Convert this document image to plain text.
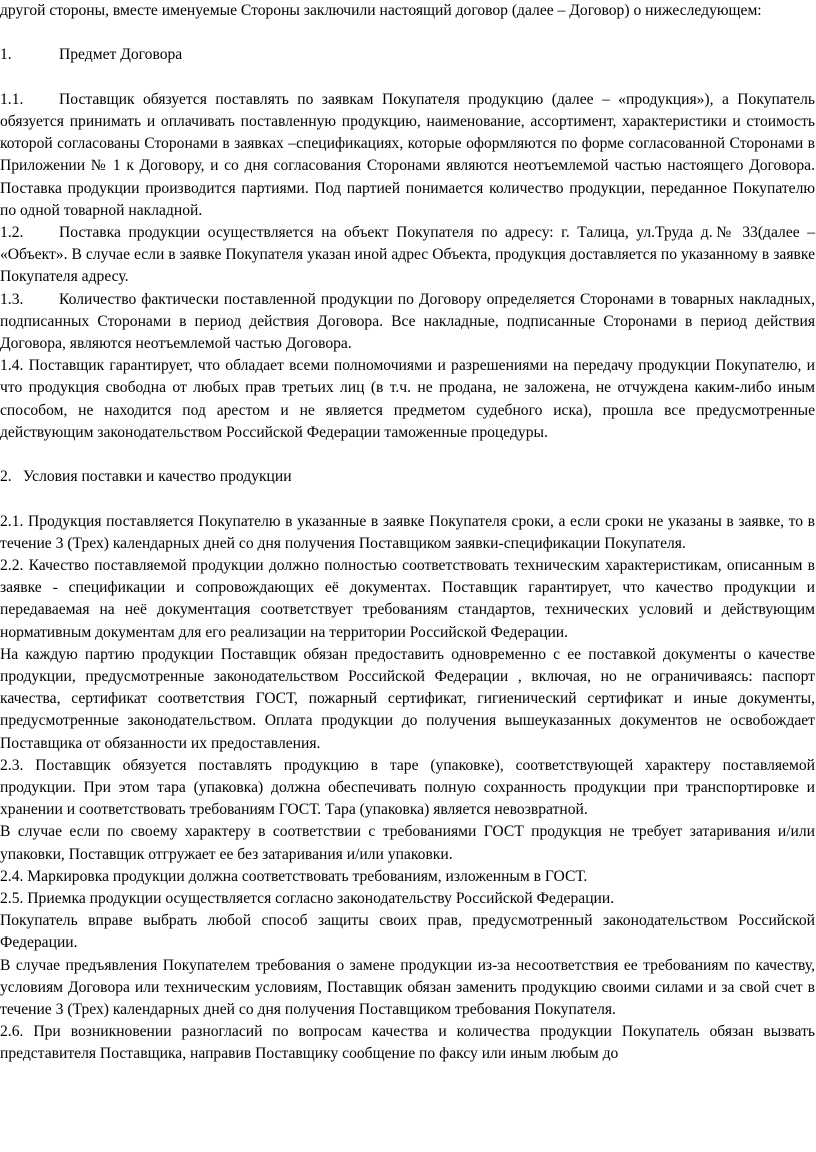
другой стороны, вместе именуемые Стороны заключили настоящий договор (далее – Договор) о нижеследующем:

1.	Предмет Договора

1.1. Поставщик обязуется поставлять по заявкам Покупателя продукцию (далее – «продукция»), а Покупатель обязуется принимать и оплачивать поставленную продукцию, наименование, ассортимент, характеристики и стоимость которой согласованы Сторонами в заявках –спецификациях, которые оформляются по форме согласованной Сторонами в Приложении № 1 к Договору, и со дня согласования Сторонами являются неотъемлемой частью настоящего Договора. Поставка продукции производится партиями. Под партией понимается количество продукции, переданное Покупателю по одной товарной накладной.

1.2. Поставка продукции осуществляется на объект Покупателя по адресу: г. Талица, ул.Труда д.№ 33(далее – «Объект». В случае если в заявке Покупателя указан иной адрес Объекта, продукция доставляется по указанному в заявке Покупателя адресу.

1.3. Количество фактически поставленной продукции по Договору определяется Сторонами в товарных накладных, подписанных Сторонами в период действия Договора. Все накладные, подписанные Сторонами в период действия Договора, являются неотъемлемой частью Договора.

1.4. Поставщик гарантирует, что обладает всеми полномочиями и разрешениями на передачу продукции Покупателю, и что продукция свободна от любых прав третьих лиц (в т.ч. не продана, не заложена, не отчуждена каким-либо иным способом, не находится под арестом и не является предметом судебного иска), прошла все предусмотренные действующим законодательством Российской Федерации таможенные процедуры.

2. Условия поставки и качество продукции

2.1. Продукция поставляется Покупателю в указанные в заявке Покупателя сроки, а если сроки не указаны в заявке, то в течение 3 (Трех) календарных дней со дня получения Поставщиком заявки-спецификации Покупателя.

2.2. Качество поставляемой продукции должно полностью соответствовать техническим характеристикам, описанным в заявке - спецификации и сопровождающих её документах. Поставщик гарантирует, что качество продукции и передаваемая на неё документация соответствует требованиям стандартов, технических условий и действующим нормативным документам для его реализации на территории Российской Федерации.

На каждую партию продукции Поставщик обязан предоставить одновременно с ее поставкой документы о качестве продукции, предусмотренные законодательством Российской Федерации , включая, но не ограничиваясь: паспорт качества, сертификат соответствия ГОСТ, пожарный сертификат, гигиенический сертификат и иные документы, предусмотренные законодательством. Оплата продукции до получения вышеуказанных документов не освобождает Поставщика от обязанности их предоставления.

2.3. Поставщик обязуется поставлять продукцию в таре (упаковке), соответствующей характеру поставляемой продукции. При этом тара (упаковка) должна обеспечивать полную сохранность продукции при транспортировке и хранении и соответствовать требованиям ГОСТ. Тара (упаковка) является невозвратной.

В случае если по своему характеру в соответствии с требованиями ГОСТ продукция не требует затаривания и/или упаковки, Поставщик отгружает ее без затаривания и/или упаковки.

2.4. Маркировка продукции должна соответствовать требованиям, изложенным в ГОСТ.

2.5. Приемка продукции осуществляется согласно законодательству Российской Федерации.

Покупатель вправе выбрать любой способ защиты своих прав, предусмотренный законодательством Российской Федерации.

В случае предъявления Покупателем требования о замене продукции из-за несоответствия ее требованиям по качеству, условиям Договора или техническим условиям, Поставщик обязан заменить продукцию своими силами и за свой счет в течение 3 (Трех) календарных дней со дня получения Поставщиком требования Покупателя.

2.6. При возникновении разногласий по вопросам качества и количества продукции Покупатель обязан вызвать представителя Поставщика, направив Поставщику сообщение по факсу или иным любым до
